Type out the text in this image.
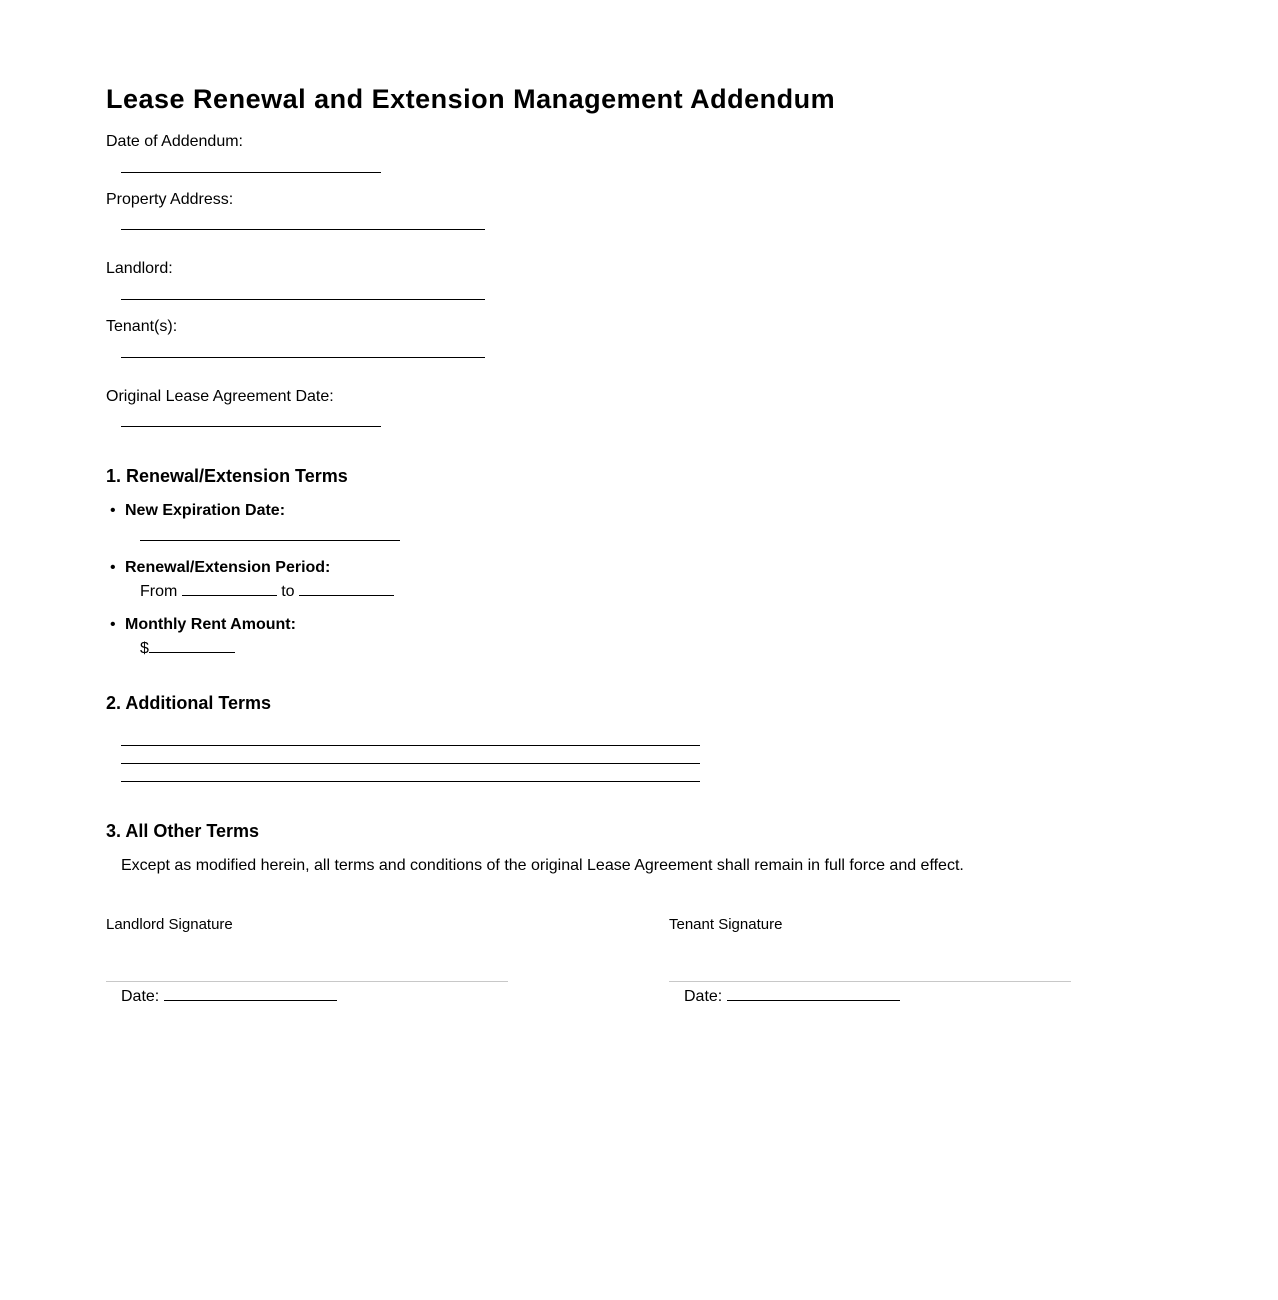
Lease Renewal and Extension Management Addendum
Date of Addendum:
Property Address:
Landlord:
Tenant(s):
Original Lease Agreement Date:
1. Renewal/Extension Terms
• New Expiration Date:
• Renewal/Extension Period:
From	to
• Monthly Rent Amount:
$
2. Additional Terms
3. All Other Terms
Except as modified herein, all terms and conditions of the original Lease Agreement shall remain in full force and effect.
Landlord Signature
Date:
Tenant Signature
Date:
